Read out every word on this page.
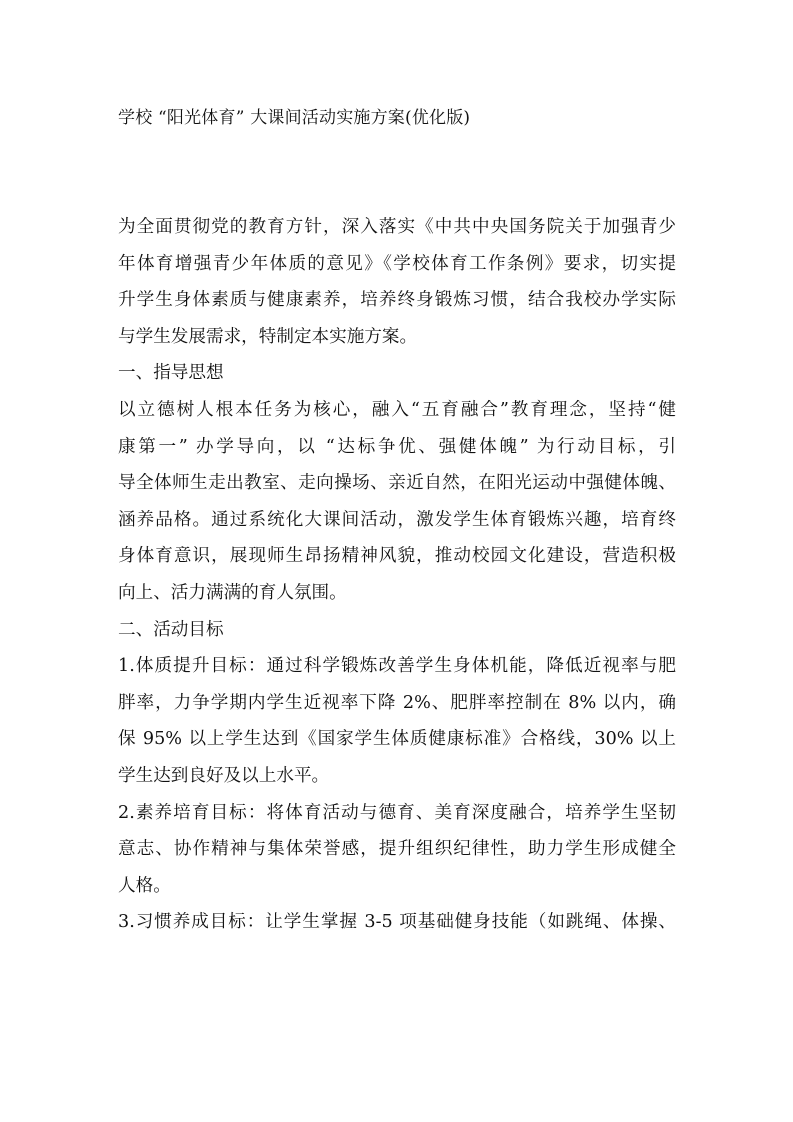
学校 “阳光体育” 大课间活动实施方案(优化版)
为全面贯彻党的教育方针，深入落实《中共中央国务院关于加强青少
年体育增强青少年体质的意见》《学校体育工作条例》要求，切实提
升学生身体素质与健康素养，培养终身锻炼习惯，结合我校办学实际
与学生发展需求，特制定本实施方案。
一、指导思想
以立德树人根本任务为核心，融入“五育融合”教育理念，坚持“健
康第一” 办学导向，以 “达标争优、强健体魄” 为行动目标，引
导全体师生走出教室、走向操场、亲近自然，在阳光运动中强健体魄、
涵养品格。通过系统化大课间活动，激发学生体育锻炼兴趣，培育终
身体育意识，展现师生昂扬精神风貌，推动校园文化建设，营造积极
向上、活力满满的育人氛围。
二、活动目标
1.体质提升目标：通过科学锻炼改善学生身体机能，降低近视率与肥
胖率，力争学期内学生近视率下降 2%、肥胖率控制在 8% 以内，确
保 95% 以上学生达到《国家学生体质健康标准》合格线，30% 以上
学生达到良好及以上水平。
2.素养培育目标：将体育活动与德育、美育深度融合，培养学生坚韧
意志、协作精神与集体荣誉感，提升组织纪律性，助力学生形成健全
人格。
3.习惯养成目标：让学生掌握 3-5 项基础健身技能（如跳绳、体操、
